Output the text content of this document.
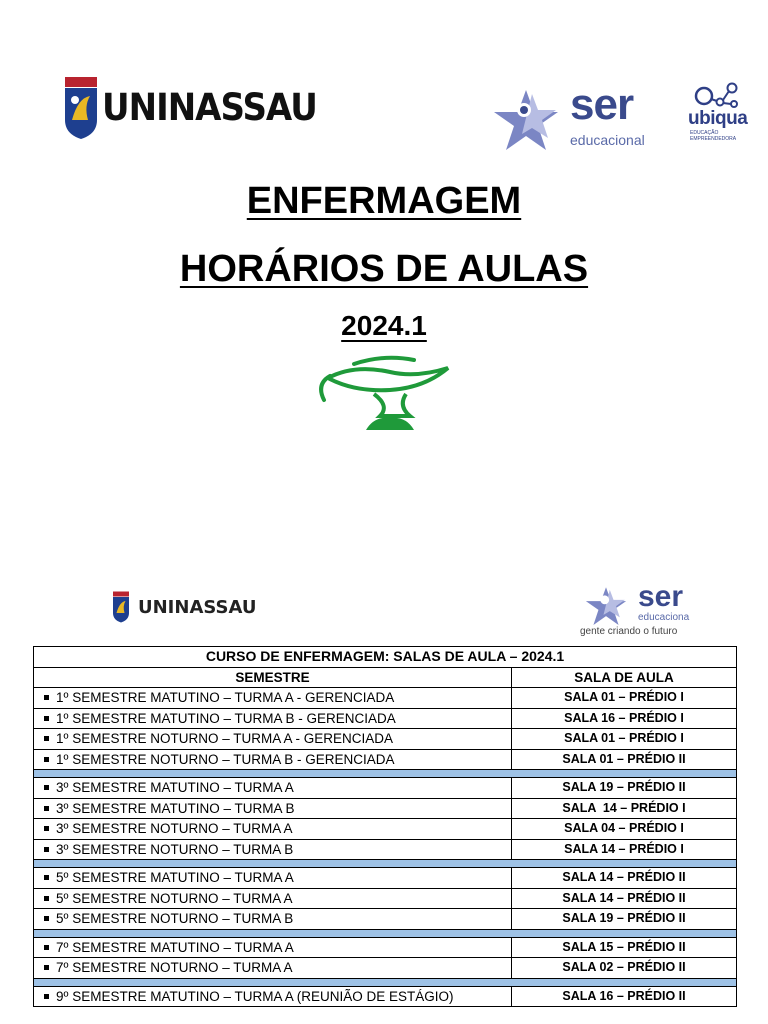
UNINASSAU	ser
educacional
ubiqua
EDUCAÇÃO EMPREENDEDORA
ENFERMAGEM
HORÁRIOS DE AULAS
2024.1
UNINASSAU	ser
educaciona
gente criando o futuro
CURSO DE ENFERMAGEM: SALAS DE AULA – 2024.1	
SEMESTRE	SALA DE AULA

1º SEMESTRE MATUTINO – TURMA A - GERENCIADA	SALA 01 – PRÉDIO I

1º SEMESTRE MATUTINO – TURMA B - GERENCIADA	SALA 16 – PRÉDIO I

1º SEMESTRE NOTURNO – TURMA A - GERENCIADA	SALA 01 – PRÉDIO I

1º SEMESTRE NOTURNO – TURMA B - GERENCIADA	SALA 01 – PRÉDIO II

3º SEMESTRE MATUTINO – TURMA A	SALA 19 – PRÉDIO II

3º SEMESTRE MATUTINO – TURMA B	SALA  14 – PRÉDIO I

3º SEMESTRE NOTURNO – TURMA A	SALA 04 – PRÉDIO I

3º SEMESTRE NOTURNO – TURMA B	SALA 14 – PRÉDIO I

5º SEMESTRE MATUTINO – TURMA A	SALA 14 – PRÉDIO II

5º SEMESTRE NOTURNO – TURMA A	SALA 14 – PRÉDIO II

5º SEMESTRE NOTURNO – TURMA B	SALA 19 – PRÉDIO II

7º SEMESTRE MATUTINO – TURMA A	SALA 15 – PRÉDIO II

7º SEMESTRE NOTURNO – TURMA A	SALA 02 – PRÉDIO II

9º SEMESTRE MATUTINO – TURMA A (REUNIÃO DE ESTÁGIO)	SALA 16 – PRÉDIO II
